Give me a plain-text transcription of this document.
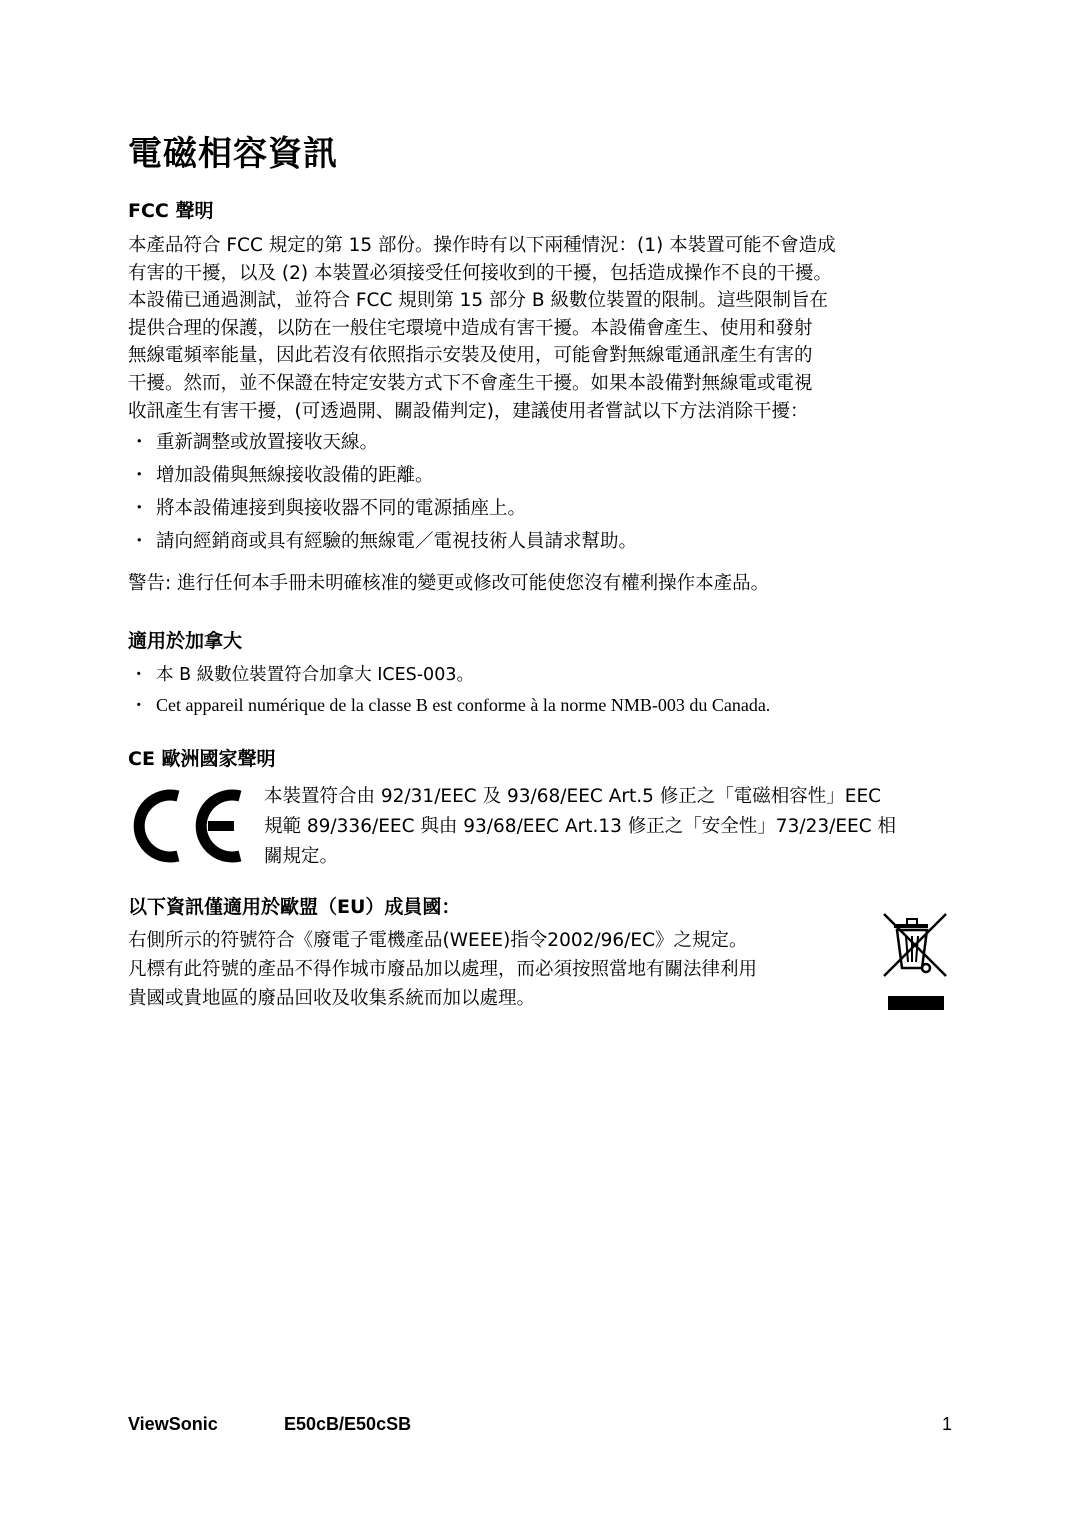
電磁相容資訊
FCC 聲明
本產品符合 FCC 規定的第 15 部份。操作時有以下兩種情況：(1) 本裝置可能不會造成
有害的干擾，以及 (2) 本裝置必須接受任何接收到的干擾，包括造成操作不良的干擾。
本設備已通過測試，並符合 FCC 規則第 15 部分 B 級數位裝置的限制。這些限制旨在
提供合理的保護，以防在一般住宅環境中造成有害干擾。本設備會產生、使用和發射
無線電頻率能量，因此若沒有依照指示安裝及使用，可能會對無線電通訊產生有害的
干擾。然而，並不保證在特定安裝方式下不會產生干擾。如果本設備對無線電或電視
收訊產生有害干擾，(可透過開、關設備判定)，建議使用者嘗試以下方法消除干擾：
・ 重新調整或放置接收天線。
・ 增加設備與無線接收設備的距離。
・ 將本設備連接到與接收器不同的電源插座上。
・ 請向經銷商或具有經驗的無線電／電視技術人員請求幫助。
警告: 進行任何本手冊未明確核准的變更或修改可能使您沒有權利操作本產品。
適用於加拿大
・ 本 B 級數位裝置符合加拿大 ICES-003。
・ Cet appareil numérique de la classe B est conforme à la norme NMB-003 du Canada.
CE 歐洲國家聲明
本裝置符合由 92/31/EEC 及 93/68/EEC Art.5 修正之「電磁相容性」EEC
規範 89/336/EEC 與由 93/68/EEC Art.13 修正之「安全性」73/23/EEC 相
關規定。
以下資訊僅適用於歐盟（EU）成員國：
右側所示的符號符合《廢電子電機產品(WEEE)指令2002/96/EC》之規定。
凡標有此符號的產品不得作城市廢品加以處理，而必須按照當地有關法律利用
貴國或貴地區的廢品回收及收集系統而加以處理。
ViewSonic	E50cB/E50cSB	1
